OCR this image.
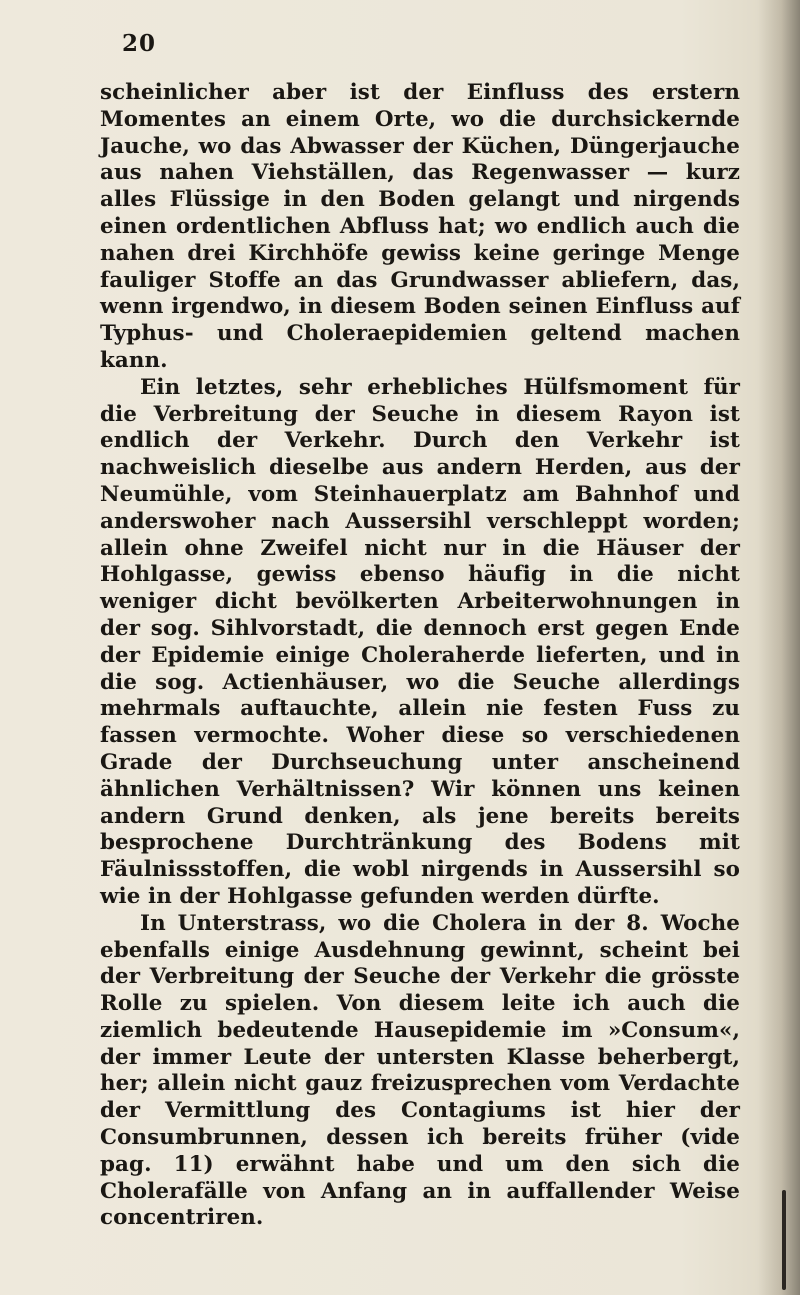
20

scheinlicher aber ist der Einfluss des erstern Momentes an einem Orte, wo die durchsickernde Jauche, wo das Abwasser der Küchen, Düngerjauche aus nahen Viehställen, das Regenwasser — kurz alles Flüssige in den Boden gelangt und nirgends einen ordentlichen Abfluss hat; wo endlich auch die nahen drei Kirchhöfe gewiss keine geringe Menge fauliger Stoffe an das Grundwasser abliefern, das, wenn irgendwo, in diesem Boden seinen Einfluss auf Typhus- und Choleraepidemien geltend machen kann.

Ein letztes, sehr erhebliches Hülfsmoment für die Verbreitung der Seuche in diesem Rayon ist endlich der Verkehr. Durch den Verkehr ist nachweislich dieselbe aus andern Herden, aus der Neumühle, vom Steinhauerplatz am Bahnhof und anderswoher nach Aussersihl verschleppt worden; allein ohne Zweifel nicht nur in die Häuser der Hohlgasse, gewiss ebenso häufig in die nicht weniger dicht bevölkerten Arbeiterwohnungen in der sog. Sihlvorstadt, die dennoch erst gegen Ende der Epidemie einige Choleraherde lieferten, und in die sog. Actienhäuser, wo die Seuche allerdings mehrmals auftauchte, allein nie festen Fuss zu fassen vermochte. Woher diese so verschiedenen Grade der Durchseuchung unter anscheinend ähnlichen Verhältnissen? Wir können uns keinen andern Grund denken, als jene bereits bereits besprochene Durchtränkung des Bodens mit Fäulnissstoffen, die wobl nirgends in Aussersihl so wie in der Hohlgasse gefunden werden dürfte.

In Unterstrass, wo die Cholera in der 8. Woche ebenfalls einige Ausdehnung gewinnt, scheint bei der Verbreitung der Seuche der Verkehr die grösste Rolle zu spielen. Von diesem leite ich auch die ziemlich bedeutende Hausepidemie im »Consum«, der immer Leute der untersten Klasse beherbergt, her; allein nicht gauz freizusprechen vom Verdachte der Vermittlung des Contagiums ist hier der Consumbrunnen, dessen ich bereits früher (vide pag. 11) erwähnt habe und um den sich die Cholerafälle von Anfang an in auffallender Weise concentriren.
